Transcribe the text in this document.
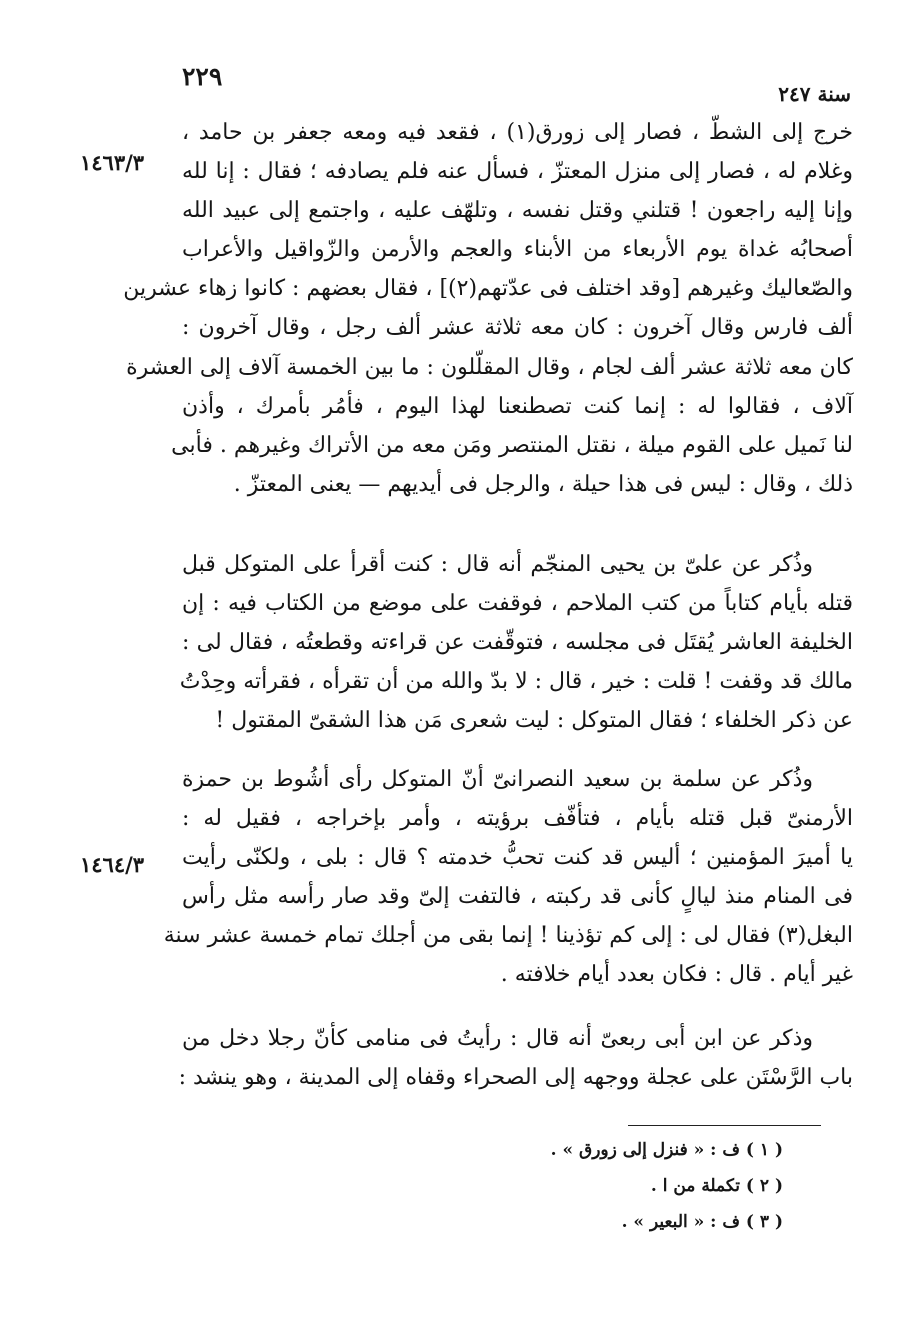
٢٢٩
سنة ٢٤٧
١٤٦٣/٣
١٤٦٤/٣
خرج إلى الشطّ ، فصار إلى زورق(١) ، فقعد فيه ومعه جعفر بن حامد ،
وغلام له ، فصار إلى منزل المعتزّ ، فسأل عنه فلم يصادفه ؛ فقال : إنا لله
وإنا إليه راجعون ! قتلني وقتل نفسه ، وتلهّف عليه ، واجتمع إلى عبيد الله
أصحابُه غداة يوم الأربعاء من الأبناء والعجم والأرمن والزّواقيل والأعراب
والصّعاليك وغيرهم [وقد اختلف فى عدّتهم(٢)] ، فقال بعضهم : كانوا زهاء عشرين
ألف فارس وقال آخرون : كان معه ثلاثة عشر ألف رجل ، وقال آخرون :
كان معه ثلاثة عشر ألف لجام ، وقال المقلّلون : ما بين الخمسة آلاف إلى العشرة
آلاف ، فقالوا له : إنما كنت تصطنعنا لهذا اليوم ، فأمُر بأمرك ، وأذن
لنا نَميل على القوم ميلة ، نقتل المنتصر ومَن معه من الأتراك وغيرهم . فأبى
ذلك ، وقال : ليس فى هذا حيلة ، والرجل فى أيديهم — يعنى المعتزّ .
وذُكر عن علىّ بن يحيى المنجّم أنه قال : كنت أقرأ على المتوكل قبل
قتله بأيام كتاباً من كتب الملاحم ، فوقفت على موضع من الكتاب فيه : إن
الخليفة العاشر يُقتَل فى مجلسه ، فتوقّفت عن قراءته وقطعتُه ، فقال لى :
مالك قد وقفت ! قلت : خير ، قال : لا بدّ والله من أن تقرأه ، فقرأته وحِدْتُ
عن ذكر الخلفاء ؛ فقال المتوكل : ليت شعرى مَن هذا الشقىّ المقتول !
وذُكر عن سلمة بن سعيد النصرانىّ أنّ المتوكل رأى أشُوط بن حمزة
الأرمنىّ قبل قتله بأيام ، فتأفّف برؤيته ، وأمر بإخراجه ، فقيل له :
يا أميرَ المؤمنين ؛ أليس قد كنت تحبُّ خدمته ؟ قال : بلى ، ولكنّى رأيت
فى المنام منذ ليالٍ كأنى قد ركبته ، فالتفت إلىّ وقد صار رأسه مثل رأس
البغل(٣) فقال لى : إلى كم تؤذينا ! إنما بقى من أجلك تمام خمسة عشر سنة
غير أيام . قال : فكان بعدد أيام خلافته .
وذكر عن ابن أبى ربعىّ أنه قال : رأيتُ فى منامى كأنّ رجلا دخل من
باب الرَّسْتَن على عجلة ووجهه إلى الصحراء وقفاه إلى المدينة ، وهو ينشد :
( ١ ) ف : « فنزل إلى زورق » .
( ٢ ) تكملة من ا .
( ٣ ) ف : « البعير » .
